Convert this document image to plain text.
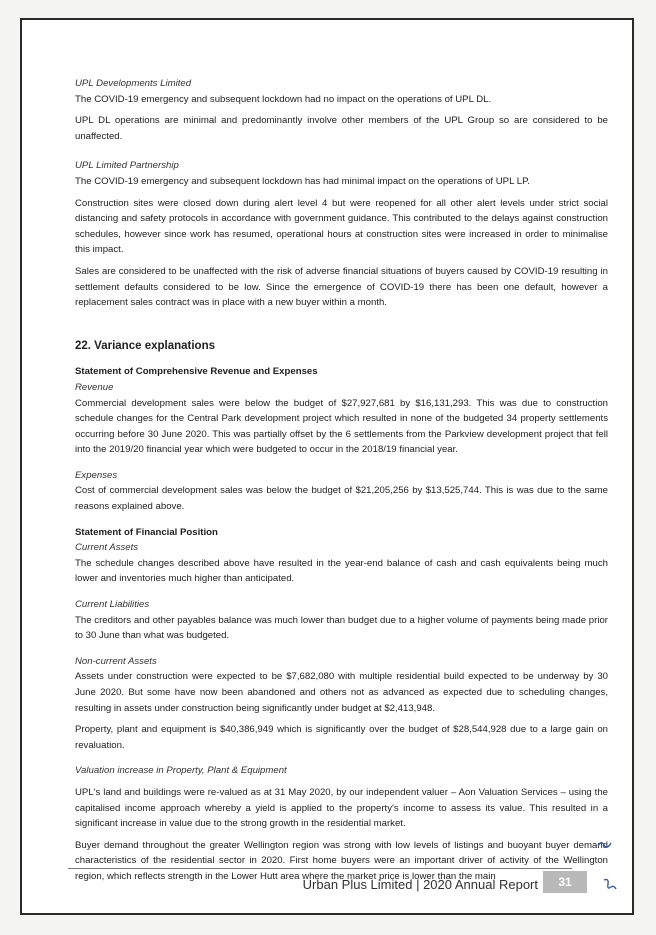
UPL Developments Limited

The COVID-19 emergency and subsequent lockdown had no impact on the operations of UPL DL.

UPL DL operations are minimal and predominantly involve other members of the UPL Group so are considered to be unaffected.

UPL Limited Partnership

The COVID-19 emergency and subsequent lockdown has had minimal impact on the operations of UPL LP.

Construction sites were closed down during alert level 4 but were reopened for all other alert levels under strict social distancing and safety protocols in accordance with government guidance. This contributed to the delays against construction schedules, however since work has resumed, operational hours at construction sites were increased in order to minimalise this impact.

Sales are considered to be unaffected with the risk of adverse financial situations of buyers caused by COVID-19 resulting in settlement defaults considered to be low. Since the emergence of COVID-19 there has been one default, however a replacement sales contract was in place with a new buyer within a month.

22. Variance explanations

Statement of Comprehensive Revenue and Expenses

Revenue

Commercial development sales were below the budget of $27,927,681 by $16,131,293. This was due to construction schedule changes for the Central Park development project which resulted in none of the budgeted 34 property settlements occurring before 30 June 2020. This was partially offset by the 6 settlements from the Parkview development project that fell into the 2019/20 financial year which were budgeted to occur in the 2018/19 financial year.

Expenses

Cost of commercial development sales was below the budget of $21,205,256 by $13,525,744. This is was due to the same reasons explained above.

Statement of Financial Position

Current Assets

The schedule changes described above have resulted in the year-end balance of cash and cash equivalents being much lower and inventories much higher than anticipated.

Current Liabilities

The creditors and other payables balance was much lower than budget due to a higher volume of payments being made prior to 30 June than what was budgeted.

Non-current Assets

Assets under construction were expected to be $7,682,080 with multiple residential build expected to be underway by 30 June 2020. But some have now been abandoned and others not as advanced as expected due to scheduling changes, resulting in assets under construction being significantly under budget at $2,413,948.

Property, plant and equipment is $40,386,949 which is significantly over the budget of $28,544,928 due to a large gain on revaluation.

Valuation increase in Property, Plant & Equipment

UPL's land and buildings were re-valued as at 31 May 2020, by our independent valuer – Aon Valuation Services – using the capitalised income approach whereby a yield is applied to the property's income to assess its value. This resulted in a significant increase in value due to the strong growth in the residential market.

Buyer demand throughout the greater Wellington region was strong with low levels of listings and buoyant buyer demand characteristics of the residential sector in 2020. First home buyers were an important driver of activity of the Wellington region, which reflects strength in the Lower Hutt area where the market price is lower than the main

Urban Plus Limited | 2020 Annual Report	31
